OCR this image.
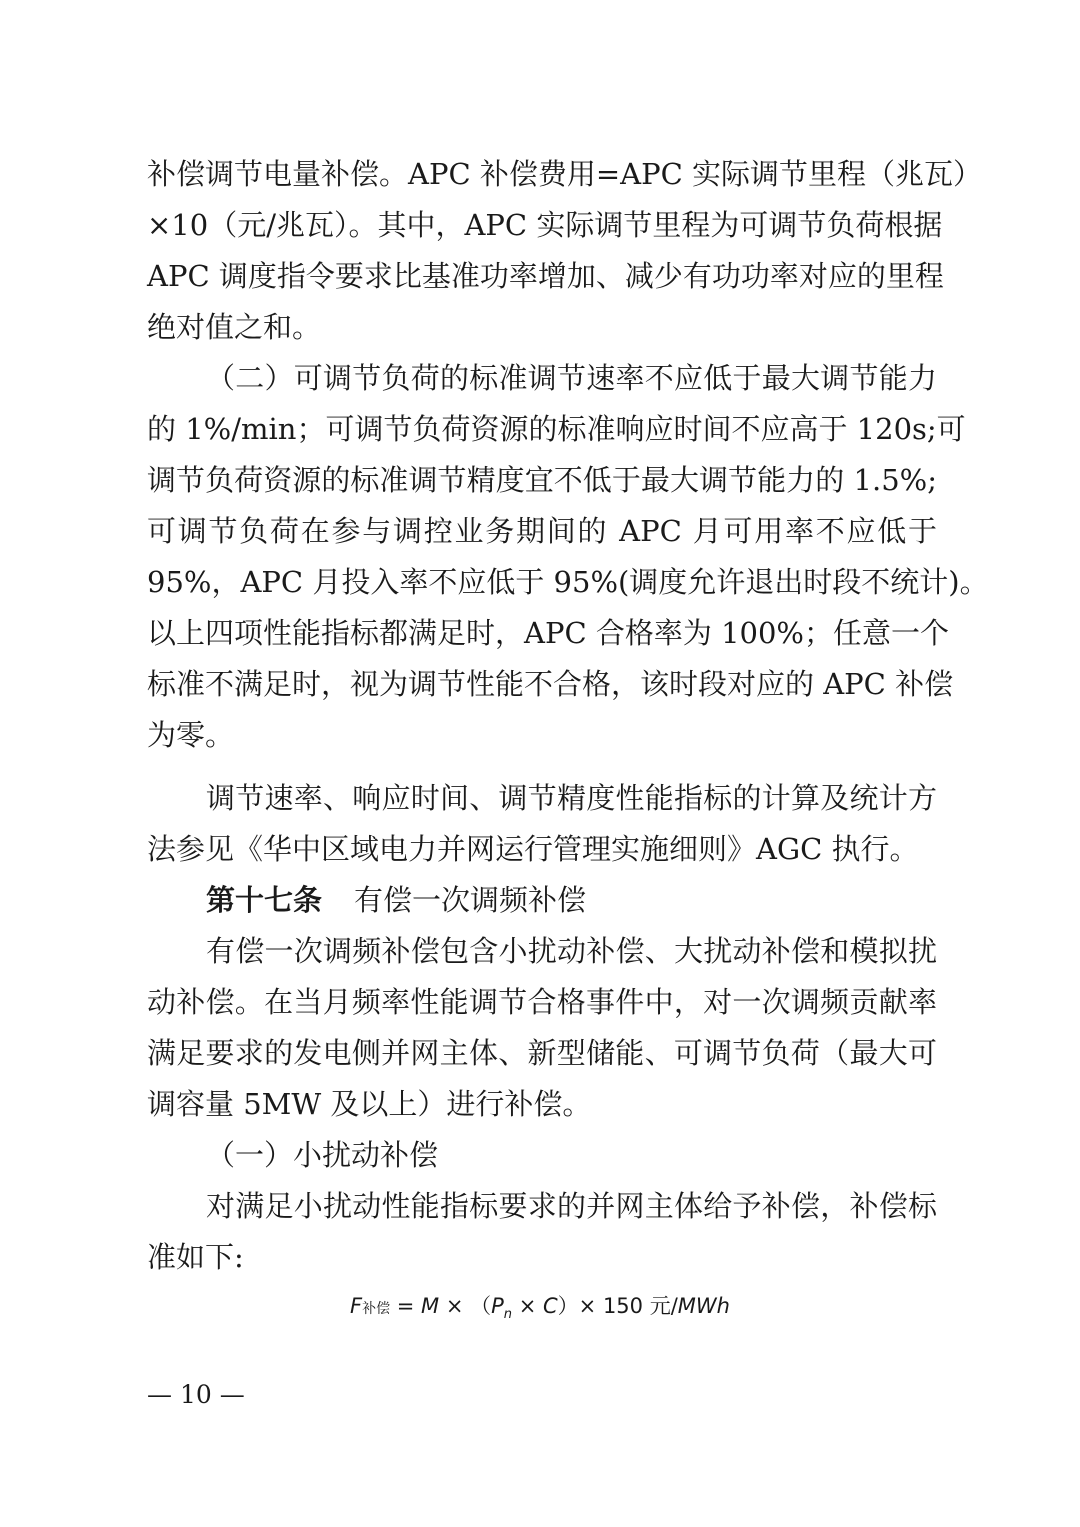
补偿调节电量补偿。APC 补偿费用=APC 实际调节里程（兆瓦）
×10（元/兆瓦）。其中，APC 实际调节里程为可调节负荷根据
APC 调度指令要求比基准功率增加、减少有功功率对应的里程
绝对值之和。
（二）可调节负荷的标准调节速率不应低于最大调节能力
的 1%/min；可调节负荷资源的标准响应时间不应高于 120s;可
调节负荷资源的标准调节精度宜不低于最大调节能力的 1.5%;
可调节负荷在参与调控业务期间的 APC 月可用率不应低于
95%，APC 月投入率不应低于 95%(调度允许退出时段不统计)。
以上四项性能指标都满足时，APC 合格率为 100%；任意一个
标准不满足时，视为调节性能不合格，该时段对应的 APC 补偿
为零。
调节速率、响应时间、调节精度性能指标的计算及统计方
法参见《华中区域电力并网运行管理实施细则》AGC 执行。
第十七条 有偿一次调频补偿
有偿一次调频补偿包含小扰动补偿、大扰动补偿和模拟扰
动补偿。在当月频率性能调节合格事件中，对一次调频贡献率
满足要求的发电侧并网主体、新型储能、可调节负荷（最大可
调容量 5MW 及以上）进行补偿。
（一）小扰动补偿
对满足小扰动性能指标要求的并网主体给予补偿，补偿标
准如下:
F补偿 = $M \times (P_n \times C)\times 150$ 元/MWh
— 10 —
